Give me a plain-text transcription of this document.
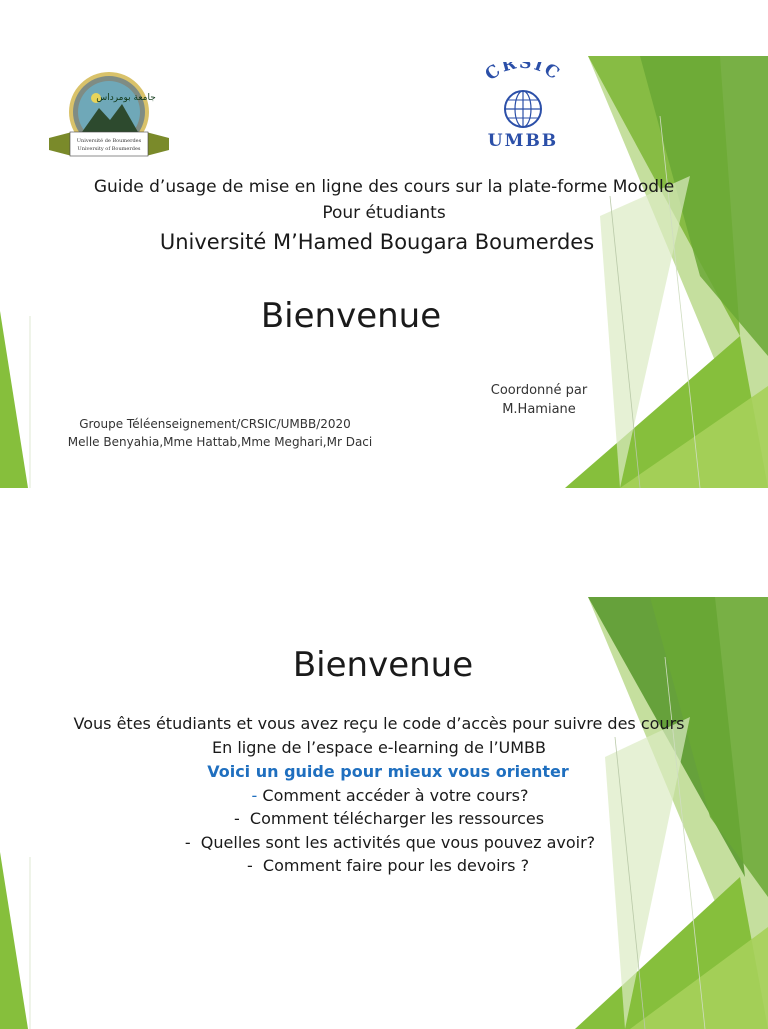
Université de Boumerdes
University of Boumerdes
جامعة بومرداس
CRSIC
UMBB
Guide d’usage de mise en ligne des cours sur la plate-forme Moodle
Pour étudiants
Université M’Hamed Bougara Boumerdes
Bienvenue
Coordonné par
M.Hamiane
Groupe Téléenseignement/CRSIC/UMBB/2020
Melle Benyahia,Mme Hattab,Mme Meghari,Mr Daci
Bienvenue
Vous êtes étudiants et vous avez reçu le code d’accès pour suivre des cours
En ligne de l’espace e-learning de l’UMBB
Voici un guide pour mieux vous orienter
- Comment accéder à votre cours?
- Comment télécharger les ressources
- Quelles sont les activités que vous pouvez avoir?
- Comment faire pour les devoirs ?
